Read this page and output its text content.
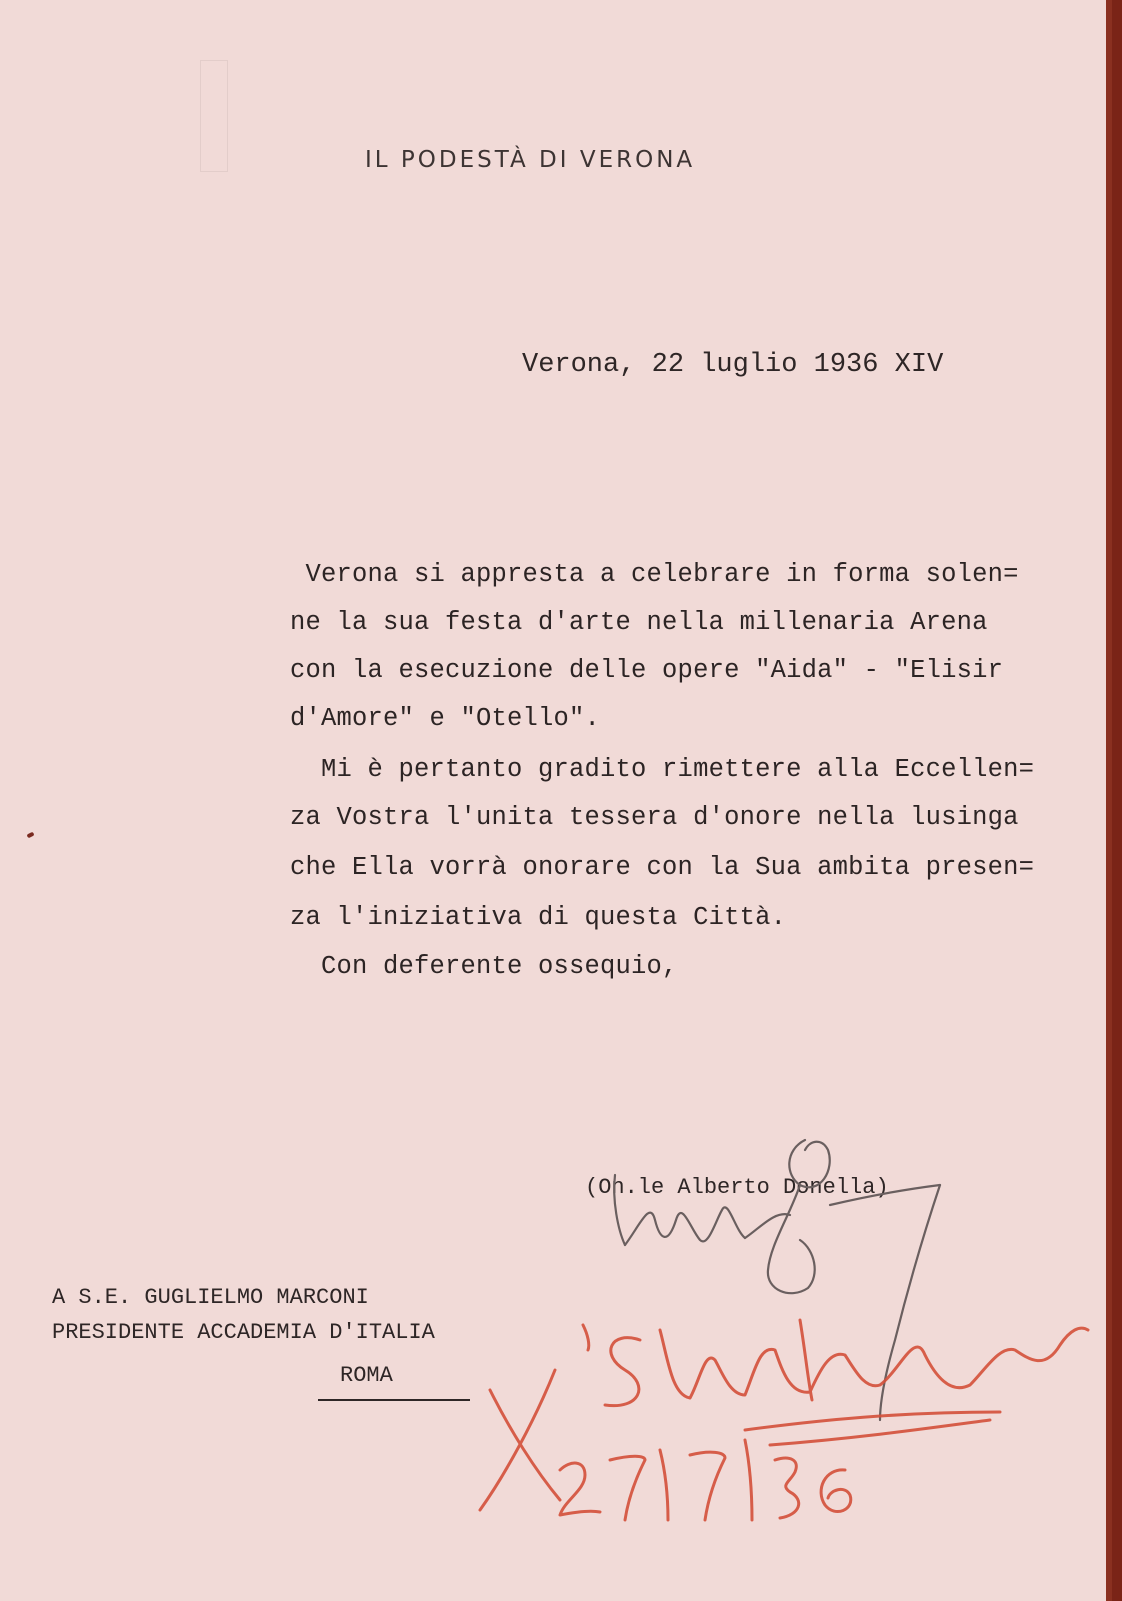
IL PODESTÀ DI VERONA
Verona, 22 luglio 1936 XIV
Verona si appresta a celebrare in forma solen=
ne la sua festa d'arte nella millenaria Arena
con la esecuzione delle opere "Aida" - "Elisir
d'Amore" e "Otello".
Mi è pertanto gradito rimettere alla Eccellen=
za Vostra l'unita tessera d'onore nella lusinga
che Ella vorrà onorare con la Sua ambita presen=
za l'iniziativa di questa Città.
Con deferente ossequio,
(On.le Alberto Donella)
A S.E. GUGLIELMO MARCONI
PRESIDENTE ACCADEMIA D'ITALIA
ROMA
